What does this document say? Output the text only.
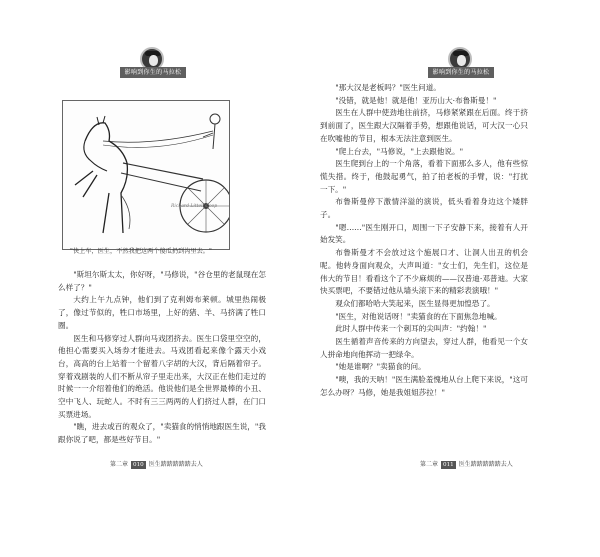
影响到你生的马拉松
Richard Littell Coop
"快上车，医生，不然我把这两个傻瓜扔到沟里去。"

"斯坦尔斯太太，你好呀，"马修说，"谷仓里的老鼠现在怎么样了？"

大约上午九点钟，他们到了克利姆布莱顿。城里热闹极了，像过节似的，牲口市场里，上好的猪、羊、马挤满了牲口圈。

医生和马修穿过人群向马戏团挤去。医生口袋里空空的，他担心需要买入场券才能进去。马戏团看起来像个露天小戏台，高高的台上站着一个留着八字胡的大汉，背后隔着帘子。穿着戏剧装的人们不断从帘子里走出来，大汉正在他们走过的时候一一介绍着他们的绝活。他说他们是全世界最棒的小丑、空中飞人、玩蛇人。不时有三三两两的人们挤过人群，在门口买票进场。

"瞧，进去或百的观众了，"卖猫食的悄悄地跟医生说，"我跟你说了吧，都是些好节目。"

第二章 010 医生踏踏踏踏踏去人
影响到你生的马拉松

"那大汉是老板吗？"医生问道。

"没错，就是他！就是他！亚历山大·布鲁斯曼！"

医生在人群中使劲地往前挤，马修紧紧跟在后面。终于挤到前面了，医生跟大汉隔着手势，想跟他说话，可大汉一心只在吹嘘他的节目，根本无法注意到医生。

"爬上台去，"马修说，"上去跟他说。"

医生爬到台上的一个角落，看着下面那么多人，他有些惊慌失措。终于，他鼓起勇气，拍了拍老板的手臂，说："打扰一下。"

布鲁斯曼停下激情洋溢的演说，低头看着身边这个矮胖子。

"嗯……"医生刚开口，周围一下子安静下来，接着有人开始发笑。

布鲁斯曼才不会放过这个施展口才、让洞人出丑的机会呢。他转身面向观众，大声叫道："女士们，先生们，这位是伟大的节目！看看这个了不少麻烦的——汉普迪·邓普迪。大家快买票吧，不要错过他从墙头滚下来的精彩表演哦！"

观众们都哈哈大笑起来，医生显得更加惶恐了。

"医生，对他说话呀！"卖猫食的在下面焦急地喊。

此时人群中传来一个刺耳的尖叫声："约翰！"

医生循着声音传来的方向望去，穿过人群，他看见一个女人拼命地向他挥动一把绿伞。

"她是谁啊？"卖猫食的问。

"噢，我的天呐！"医生满脸羞愧地从台上爬下来说，"这可怎么办呀？马修，她是我姐姐莎拉！"

第二章 011 医生踏踏踏踏踏去人
